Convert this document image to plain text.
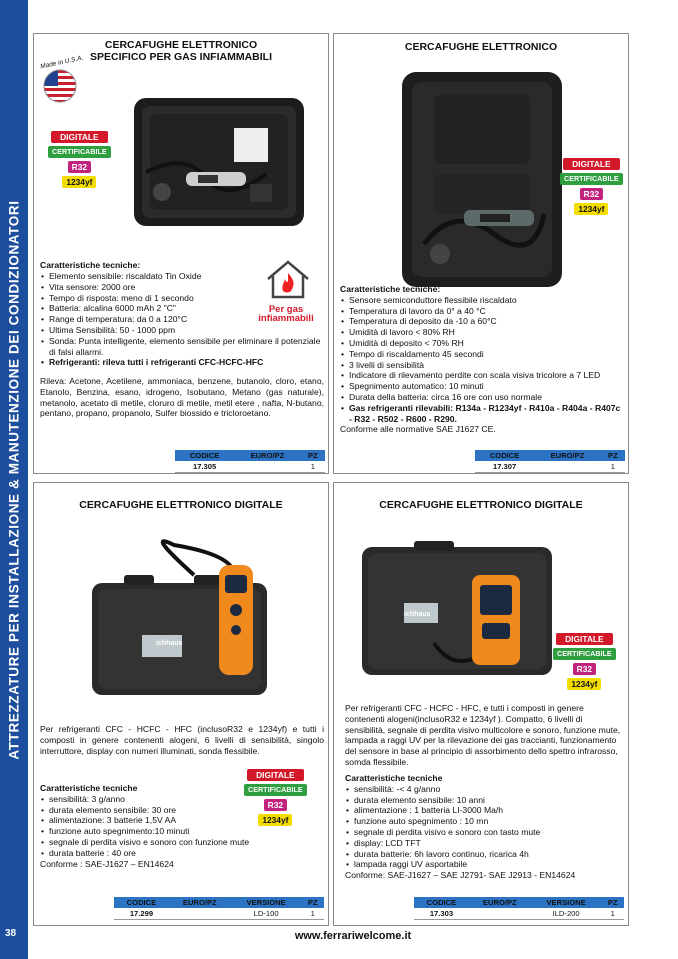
ATTREZZATURE PER INSTALLAZIONE & MANUTENZIONE DEI CONDIZIONATORI
38
CERCAFUGHE ELETTRONICO
SPECIFICO PER GAS INFIAMMABILI
Made in U.S.A.
DIGITALE
CERTIFICABILE
R32
1234yf
Per gas
infiammabili
Caratteristiche tecniche:
• Elemento sensibile: riscaldato Tin Oxide
• Vita sensore: 2000 ore
• Tempo di risposta: meno di 1 secondo
• Batteria: alcalina 6000 mAh 2 "C"
• Range di temperatura: da 0 a 120°C
• Ultima Sensibilità: 50 - 1000 ppm
• Sonda: Punta intelligente, elemento sensibile per eliminare il potenziale di falsi allarmi.
• Refrigeranti: rileva tutti i refrigeranti CFC-HCFC-HFC
Rileva: Acetone, Acetilene, ammoniaca, benzene, butanolo, cloro, etano, Etanolo, Benzina, esano, idrogeno, Isobutano, Metano (gas naturale), metanolo, acetato di metile, cloruro di metile, metil etere , nafta, N-butano, pentano, propano, propanolo, Sulfer biossido e tricloroetano.
CODICE	EURO/PZ	PZ
17.305		1
CERCAFUGHE ELETTRONICO
DIGITALE
CERTIFICABILE
R32
1234yf
Caratteristiche tecniche:
• Sensore semiconduttore flessibile riscaldato
• Temperatura di lavoro da 0° a 40 °C
• Temperatura di deposito da -10 a 60°C
• Umidità di lavoro < 80% RH
• Umidità di deposito < 70% RH
• Tempo di riscaldamento 45 secondi
• 3 livelli di sensibilità
• Indicatore di rilevamento perdite con scala visiva tricolore a 7 LED
• Spegnimento automatico: 10 minuti
• Durata della batteria: circa 16 ore con uso normale
• Gas refrigeranti rilevabili: R134a - R1234yf - R410a - R404a - R407c - R32 - R502 - R600 - R290.
Conforme alle normative SAE J1627 CE.
CODICE	EURO/PZ	PZ
17.307		1
CERCAFUGHE ELETTRONICO DIGITALE
ichhaus
Per refrigeranti CFC - HCFC - HFC (inclusoR32 e 1234yf) e tutti i composti in genere contenenti alogeni, 6 livelli di sensibilità, singolo interruttore, display con numeri illuminati, sonda flessibile.
Caratteristiche tecniche
• sensibilità: 3 g/anno
• durata elemento sensibile: 30 ore
• alimentazione: 3 batterie 1,5V AA
• funzione auto spegnimento:10 minuti
• segnale di perdita visivo e sonoro con funzione mute
• durata batterie : 40 ore
Conforme : SAE-J1627 – EN14624
DIGITALE
CERTIFICABILE
R32
1234yf
CODICE	EURO/PZ	VERSIONE	PZ
17.299		LD-100	1
CERCAFUGHE ELETTRONICO DIGITALE
ichhaus
DIGITALE
CERTIFICABILE
R32
1234yf
Per refrigeranti CFC - HCFC - HFC, e tutti i composti in genere contenenti alogeni(inclusoR32 e 1234yf ). Compatto, 6 livelli di sensibilità, segnale di perdita visivo multicolore e sonoro, funzione mute, lampada a raggi UV per la rilevazione dei gas traccianti, funzionamento del sensore in base al principio di assorbimento dello spettro infrarosso, somda flessibile.
Caratteristiche tecniche
• sensibilità: -< 4 g/anno
• durata elemento sensibile: 10 anni
• alimentazione : 1 batteria LI-3000 Ma/h
• funzione auto spegnimento : 10 mn
• segnale di perdita visivo e sonoro con tasto mute
• display: LCD TFT
• durata batterie: 6h lavoro continuo, ricarica 4h
• lampada raggi UV asportabile
Conforme: SAE-J1627 – SAE J2791- SAE J2913 - EN14624
CODICE	EURO/PZ	VERSIONE	PZ
17.303		ILD-200	1
www.ferrariwelcome.it
